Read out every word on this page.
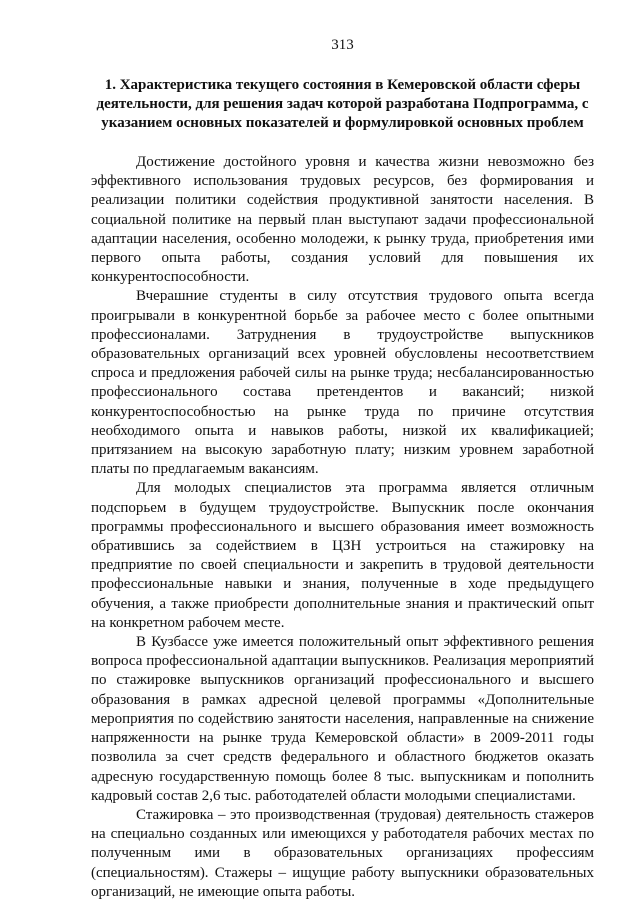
313
1. Характеристика текущего состояния в Кемеровской области сферы деятельности, для решения задач которой разработана Подпрограмма, с указанием основных показателей и формулировкой основных проблем

Достижение достойного уровня и качества жизни невозможно без эффективного использования трудовых ресурсов, без формирования и реализации политики содействия продуктивной занятости населения. В социальной политике на первый план выступают задачи профессиональной адаптации населения, особенно молодежи, к рынку труда, приобретения ими первого опыта работы, создания условий для повышения их конкурентоспособности.

Вчерашние студенты в силу отсутствия трудового опыта всегда проигрывали в конкурентной борьбе за рабочее место с более опытными профессионалами. Затруднения в трудоустройстве выпускников образовательных организаций всех уровней обусловлены несоответствием спроса и предложения рабочей силы на рынке труда; несбалансированностью профессионального состава претендентов и вакансий; низкой конкурентоспособностью на рынке труда по причине отсутствия необходимого опыта и навыков работы, низкой их квалификацией; притязанием на высокую заработную плату; низким уровнем заработной платы по предлагаемым вакансиям.

Для молодых специалистов эта программа является отличным подспорьем в будущем трудоустройстве. Выпускник после окончания программы профессионального и высшего образования имеет возможность обратившись за содействием в ЦЗН устроиться на стажировку на предприятие по своей специальности и закрепить в трудовой деятельности профессиональные навыки и знания, полученные в ходе предыдущего обучения, а также приобрести дополнительные знания и практический опыт на конкретном рабочем месте.

В Кузбассе уже имеется положительный опыт эффективного решения вопроса профессиональной адаптации выпускников. Реализация мероприятий по стажировке выпускников организаций профессионального и высшего образования в рамках адресной целевой программы «Дополнительные мероприятия по содействию занятости населения, направленные на снижение напряженности на рынке труда Кемеровской области» в 2009-2011 годы позволила за счет средств федерального и областного бюджетов оказать адресную государственную помощь более 8 тыс. выпускникам и пополнить кадровый состав 2,6 тыс. работодателей области молодыми специалистами.

Стажировка – это производственная (трудовая) деятельность стажеров на специально созданных или имеющихся у работодателя рабочих местах по полученным ими в образовательных организациях профессиям (специальностям). Стажеры – ищущие работу выпускники образовательных организаций, не имеющие опыта работы.
